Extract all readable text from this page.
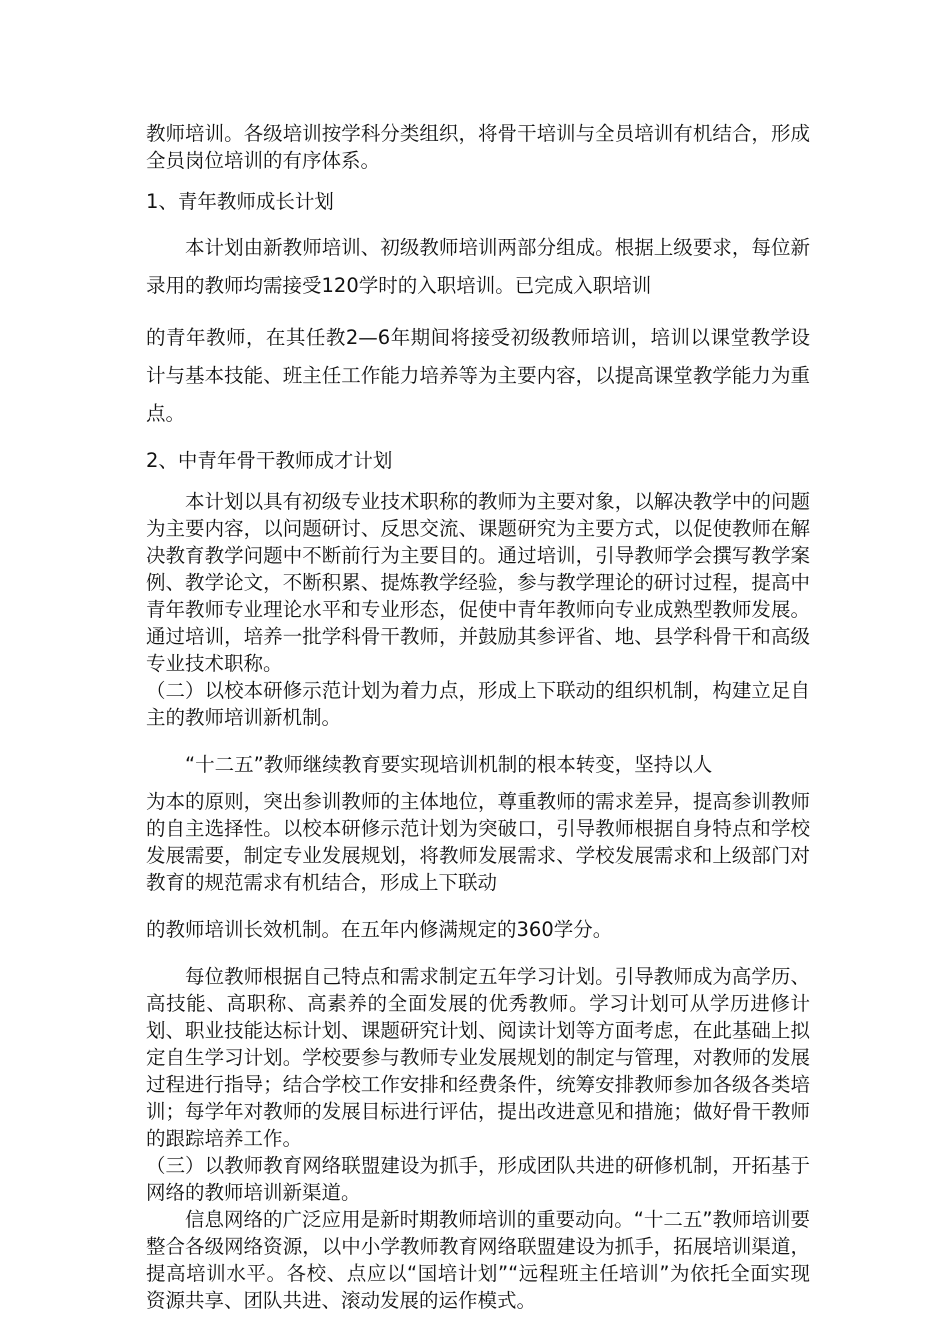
教师培训。各级培训按学科分类组织，将骨干培训与全员培训有机结合，形成全员岗位培训的有序体系。

1、青年教师成长计划

本计划由新教师培训、初级教师培训两部分组成。根据上级要求，每位新录用的教师均需接受120学时的入职培训。已完成入职培训

的青年教师，在其任教2—6年期间将接受初级教师培训，培训以课堂教学设计与基本技能、班主任工作能力培养等为主要内容，以提高课堂教学能力为重点。

2、中青年骨干教师成才计划

本计划以具有初级专业技术职称的教师为主要对象，以解决教学中的问题为主要内容，以问题研讨、反思交流、课题研究为主要方式，以促使教师在解决教育教学问题中不断前行为主要目的。通过培训，引导教师学会撰写教学案例、教学论文，不断积累、提炼教学经验，参与教学理论的研讨过程，提高中青年教师专业理论水平和专业形态，促使中青年教师向专业成熟型教师发展。通过培训，培养一批学科骨干教师，并鼓励其参评省、地、县学科骨干和高级专业技术职称。

（二）以校本研修示范计划为着力点，形成上下联动的组织机制，构建立足自主的教师培训新机制。

“十二五”教师继续教育要实现培训机制的根本转变，坚持以人

为本的原则，突出参训教师的主体地位，尊重教师的需求差异，提高参训教师的自主选择性。以校本研修示范计划为突破口，引导教师根据自身特点和学校发展需要，制定专业发展规划，将教师发展需求、学校发展需求和上级部门对教育的规范需求有机结合，形成上下联动

的教师培训长效机制。在五年内修满规定的360学分。

每位教师根据自己特点和需求制定五年学习计划。引导教师成为高学历、高技能、高职称、高素养的全面发展的优秀教师。学习计划可从学历进修计划、职业技能达标计划、课题研究计划、阅读计划等方面考虑，在此基础上拟定自生学习计划。学校要参与教师专业发展规划的制定与管理，对教师的发展过程进行指导；结合学校工作安排和经费条件，统筹安排教师参加各级各类培训；每学年对教师的发展目标进行评估，提出改进意见和措施；做好骨干教师的跟踪培养工作。

（三）以教师教育网络联盟建设为抓手，形成团队共进的研修机制，开拓基于网络的教师培训新渠道。

信息网络的广泛应用是新时期教师培训的重要动向。“十二五”教师培训要整合各级网络资源，以中小学教师教育网络联盟建设为抓手，拓展培训渠道，提高培训水平。各校、点应以“国培计划”“远程班主任培训”为依托全面实现资源共享、团队共进、滚动发展的运作模式。
